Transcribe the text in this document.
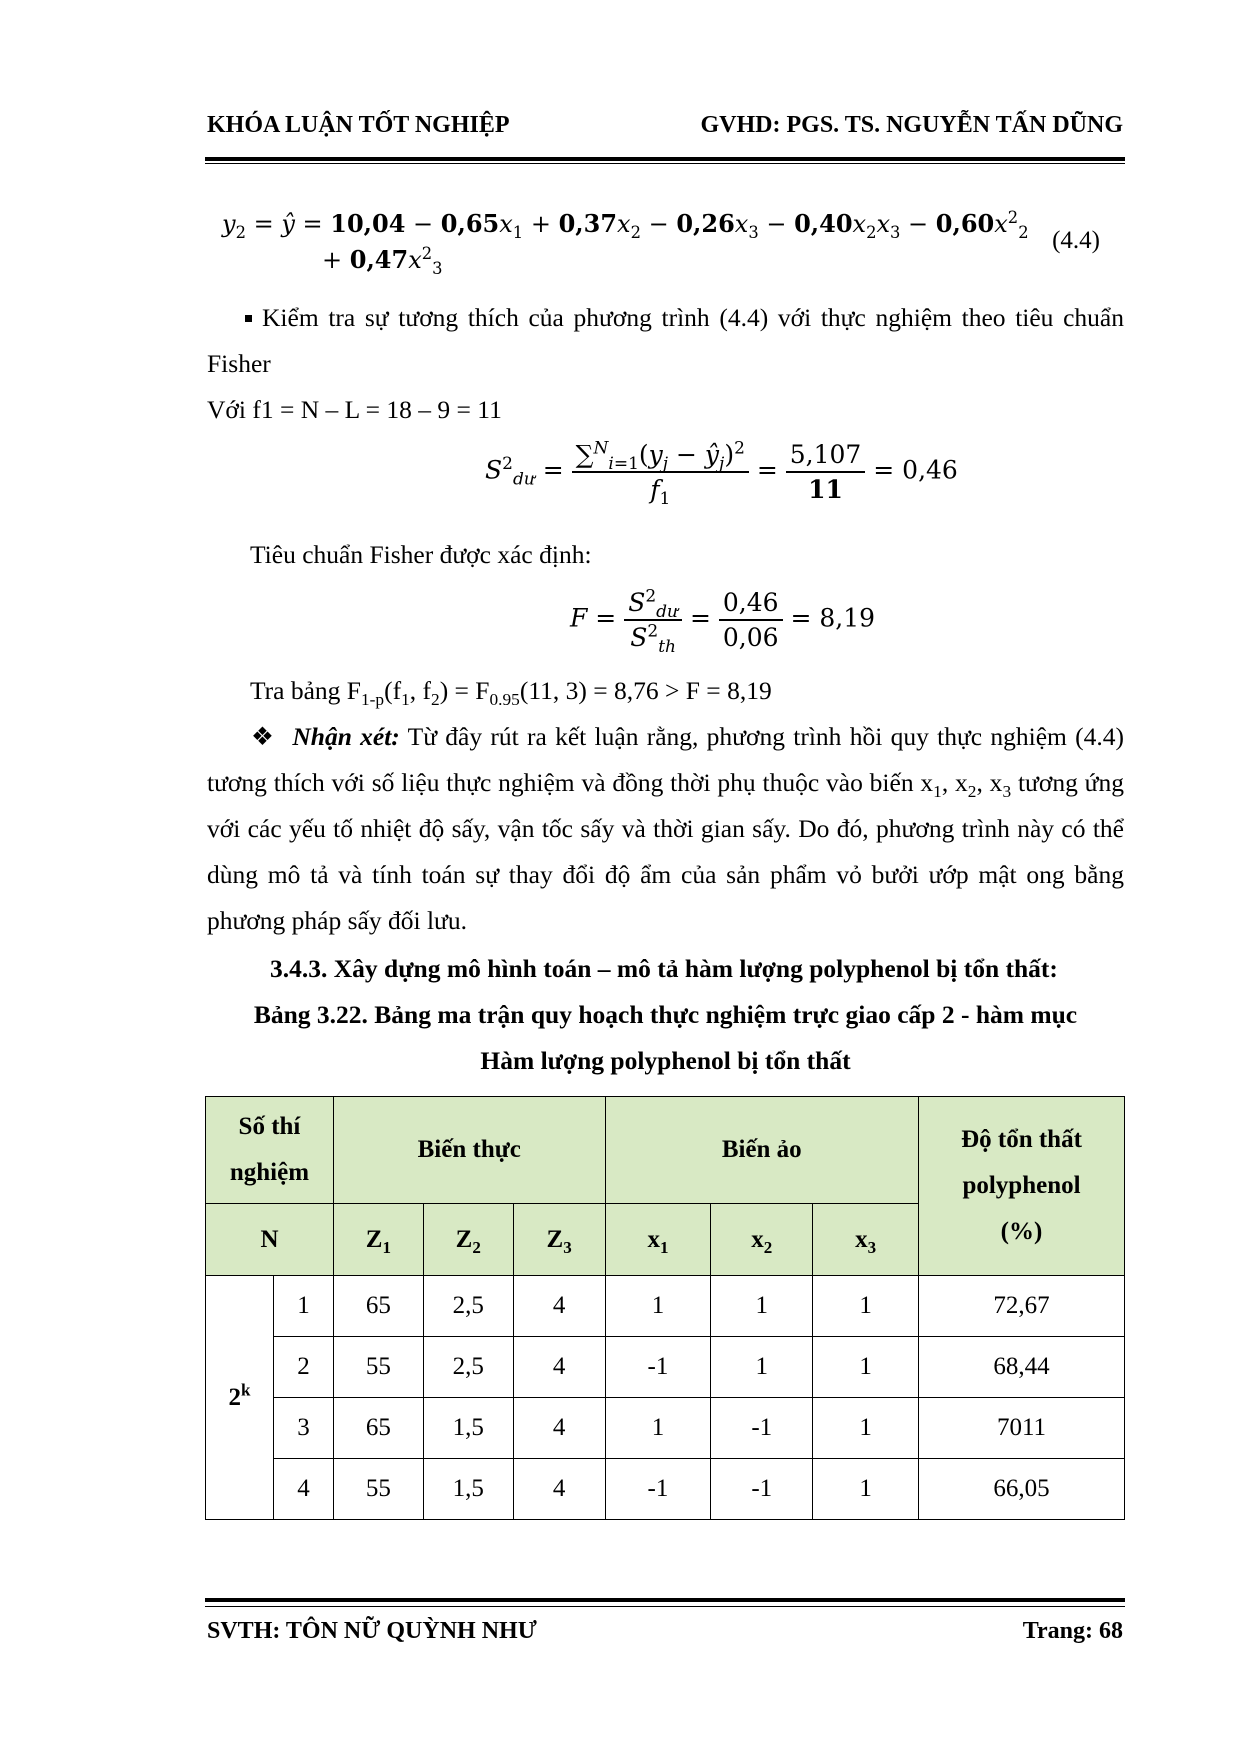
KHÓA LUẬN TỐT NGHIỆP	GVHD: PGS. TS. NGUYỄN TẤN DŨNG
$y_2$ = ŷ = $10,04 - 0,65x_1 + 0,37x_2 - 0,26x_3 - 0,40x_2x_3 - 0,60x^2_2$
+ $0,47x^2_3$
(4.4)
Kiểm tra sự tương thích của phương trình (4.4) với thực nghiệm theo tiêu chuẩn Fisher
Với f1 = N – L = 18 – 9 = 11
$S^2_{dư} = \frac{\sum^N_{i=1}(y_j - ŷ_j)^2}{f_1} = \frac{5,107}{11} = 0,46$
Tiêu chuẩn Fisher được xác định:
$F = \frac{S^2_{dư}}{S^2_{th}} = \frac{0,46}{0,06} = 8,19$
Tra bảng $F_{1-p}(f_1$, $f_2) = F_{0.95}(11$, 3) = 8,76 > F = 8,19
❖ Nhận xét: Từ đây rút ra kết luận rằng, phương trình hồi quy thực nghiệm (4.4) tương thích với số liệu thực nghiệm và đồng thời phụ thuộc vào biến $x_1$, $x_2$, $x_3$ tương ứng với các yếu tố nhiệt độ sấy, vận tốc sấy và thời gian sấy. Do đó, phương trình này có thể dùng mô tả và tính toán sự thay đổi độ ẩm của sản phẩm vỏ bưởi ướp mật ong bằng phương pháp sấy đối lưu.
3.4.3. Xây dựng mô hình toán – mô tả hàm lượng polyphenol bị tổn thất:
Bảng 3.22. Bảng ma trận quy hoạch thực nghiệm trực giao cấp 2 - hàm mục
Hàm lượng polyphenol bị tổn thất
Số thí nghiệm		Biến thực			Biến ảo			Độ tổn thất polyphenol (%)

N		$Z_1$	$Z_2$	$Z_3$	$x_1$	$x_2$	$x_3$
2$^k$	1	65	2,5	4	1	1	1	72,67
	2	55	2,5	4	-1	1	1	68,44
	3	65	1,5	4	1	-1	1	7011
	4	55	1,5	4	-1	-1	1	66,05
SVTH: TÔN NỮ QUỲNH NHƯ	Trang: 68
